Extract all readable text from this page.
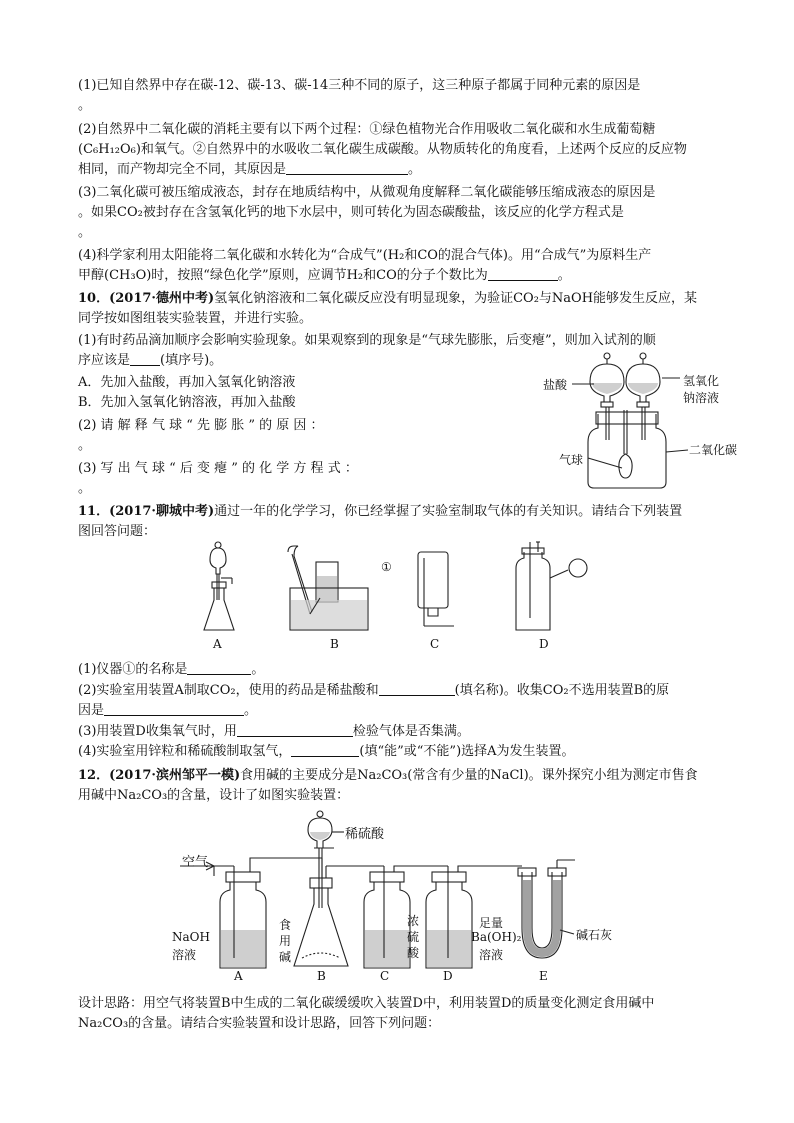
(1)已知自然界中存在碳-12、碳-13、碳-14三种不同的原子，这三种原子都属于同种元素的原因是
。
(2)自然界中二氧化碳的消耗主要有以下两个过程：①绿色植物光合作用吸收二氧化碳和水生成葡萄糖
(C₆H₁₂O₆)和氧气。②自然界中的水吸收二氧化碳生成碳酸。从物质转化的角度看，上述两个反应的反应物
相同，而产物却完全不同，其原因是	。
(3)二氧化碳可被压缩成液态，封存在地质结构中，从微观角度解释二氧化碳能够压缩成液态的原因是
。如果CO₂被封存在含氢氧化钙的地下水层中，则可转化为固态碳酸盐，该反应的化学方程式是
。
(4)科学家利用太阳能将二氧化碳和水转化为“合成气”(H₂和CO的混合气体)。用“合成气”为原料生产
甲醇(CH₃O)时，按照“绿色化学”原则，应调节H₂和CO的分子个数比为	。
10．(2017·德州中考)氢氧化钠溶液和二氧化碳反应没有明显现象，为验证CO₂与NaOH能够发生反应，某
同学按如图组装实验装置，并进行实验。
(1)有时药品滴加顺序会影响实验现象。如果观察到的现象是“气球先膨胀，后变瘪”，则加入试剂的顺
序应该是 (填序号)。
A．先加入盐酸，再加入氢氧化钠溶液
B．先加入氢氧化钠溶液，再加入盐酸
(2) 请 解 释 气 球 “ 先 膨 胀 ” 的 原 因 ：
。
(3) 写 出 气 球 “ 后 变 瘪 ” 的 化 学 方 程 式 ：
。
盐酸	氢氧化
钠溶液
气球
二氧化碳
11．(2017·聊城中考)通过一年的化学学习，你已经掌握了实验室制取气体的有关知识。请结合下列装置
图回答问题：
①
A	B	C	D
(1)仪器①的名称是	。
(2)实验室用装置A制取CO₂，使用的药品是稀盐酸和	(填名称)。收集CO₂不选用装置B的原
因是	。
(3)用装置D收集氧气时，用	检验气体是否集满。
(4)实验室用锌粒和稀硫酸制取氢气，	(填“能”或“不能”)选择A为发生装置。
12．(2017·滨州邹平一模)食用碱的主要成分是Na₂CO₃(常含有少量的NaCl)。课外探究小组为测定市售食
用碱中Na₂CO₃的含量，设计了如图实验装置：
空气
稀硫酸
NaOH
溶液
食
用
碱
浓
硫
酸
足量
Ba(OH)₂
溶液
碱石灰
A	B	C	D	E
设计思路：用空气将装置B中生成的二氧化碳缓缓吹入装置D中，利用装置D的质量变化测定食用碱中
Na₂CO₃的含量。请结合实验装置和设计思路，回答下列问题：
